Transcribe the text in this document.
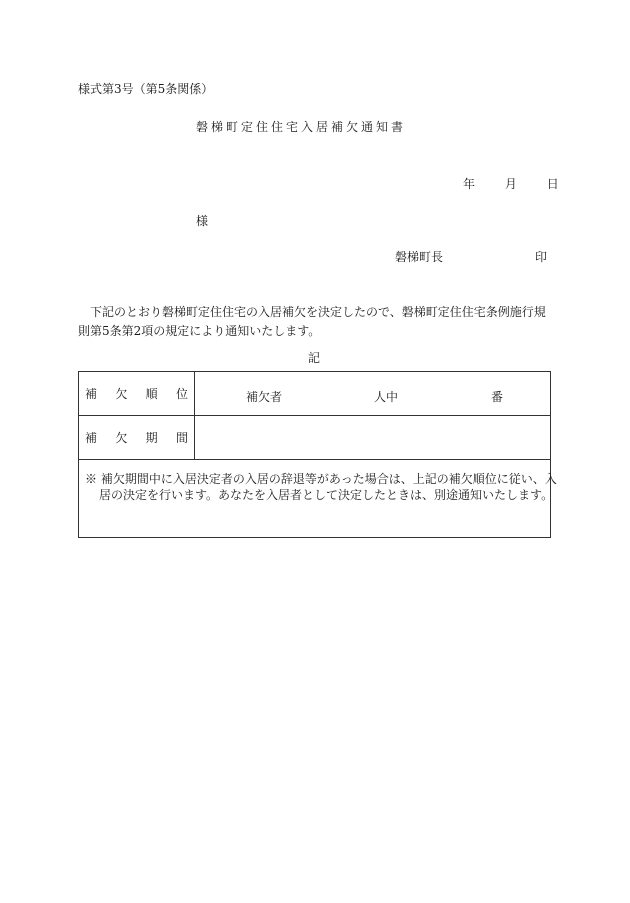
様式第3号（第5条関係）
磐梯町定住住宅入居補欠通知書
年 月 日
様
磐梯町長	印
下記のとおり磐梯町定住住宅の入居補欠を決定したので、磐梯町定住住宅条例施行規則第5条第2項の規定により通知いたします。
記
補 欠 順 位	補欠者	人中	番
補 欠 期 間
※ 補欠期間中に入居決定者の入居の辞退等があった場合は、上記の補欠順位に従い、入居の決定を行います。あなたを入居者として決定したときは、別途通知いたします。
